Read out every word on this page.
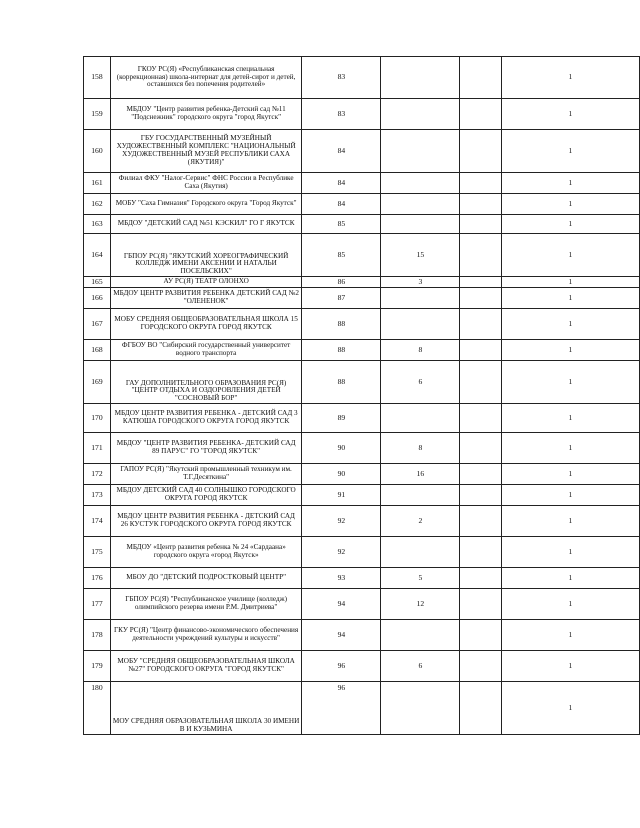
158	ГКОУ РС(Я) «Республиканская специальная (коррекционная) школа-интернат для детей-сирот и детей, оставшихся без попечения родителей»	83			1
159	МБДОУ "Центр развития ребенка-Детский сад №11 "Подснежник" городского округа "город Якутск"	83			1
160	ГБУ ГОСУДАРСТВЕННЫЙ МУЗЕЙНЫЙ ХУДОЖЕСТВЕННЫЙ КОМПЛЕКС "НАЦИОНАЛЬНЫЙ ХУДОЖЕСТВЕННЫЙ МУЗЕЙ РЕСПУБЛИКИ САХА (ЯКУТИЯ)"	84			1
161	Филиал ФКУ "Налог-Сервис" ФНС России в Республике Саха (Якутия)	84			1
162	МОБУ "Саха Гимназия" Городского округа "Город Якутск"	84			1
163	МБДОУ "ДЕТСКИЙ САД №51 КЭСКИЛ" ГО Г ЯКУТСК	85			1
164	ГБПОУ РС(Я) "ЯКУТСКИЙ ХОРЕОГРАФИЧЕСКИЙ КОЛЛЕДЖ ИМЕНИ АКСЕНИИ И НАТАЛЬИ ПОСЕЛЬСКИХ"	85	15		1
165	АУ РС(Я) ТЕАТР ОЛОНХО	86	3		1
166	МБДОУ ЦЕНТР РАЗВИТИЯ РЕБЕНКА ДЕТСКИЙ САД №2 "ОЛЕНЕНОК"	87			1
167	МОБУ СРЕДНЯЯ ОБЩЕОБРАЗОВАТЕЛЬНАЯ ШКОЛА 15 ГОРОДСКОГО ОКРУГА ГОРОД ЯКУТСК	88			1
168	ФГБОУ ВО "Сибирский государственный университет водного транспорта	88	8		1
169	ГАУ ДОПОЛНИТЕЛЬНОГО ОБРАЗОВАНИЯ РС(Я) "ЦЕНТР ОТДЫХА И ОЗДОРОВЛЕНИЯ ДЕТЕЙ "СОСНОВЫЙ БОР"	88	6		1
170	МБДОУ ЦЕНТР РАЗВИТИЯ РЕБЕНКА - ДЕТСКИЙ САД 3 КАТЮША ГОРОДСКОГО ОКРУГА ГОРОД ЯКУТСК	89			1
171	МБДОУ "ЦЕНТР РАЗВИТИЯ РЕБЕНКА- ДЕТСКИЙ САД 89 ПАРУС" ГО "ГОРОД ЯКУТСК"	90	8		1
172	ГАПОУ РС(Я) "Якутский промышленный техникум им. Т.Г.Десяткина"	90	16		1
173	МБДОУ ДЕТСКИЙ САД 40 СОЛНЫШКО ГОРОДСКОГО ОКРУГА ГОРОД ЯКУТСК	91			1
174	МБДОУ ЦЕНТР РАЗВИТИЯ РЕБЕНКА - ДЕТСКИЙ САД 26 КУСТУК ГОРОДСКОГО ОКРУГА ГОРОД ЯКУТСК	92	2		1
175	МБДОУ «Центр развития ребенка № 24 «Сардаана» городского округа «город Якутск»	92			1
176	МБОУ ДО "ДЕТСКИЙ ПОДРОСТКОВЫЙ ЦЕНТР"	93	5		1
177	ГБПОУ РС(Я) "Республиканское училище (колледж) олимпийского резерва имени Р.М. Дмитриева"	94	12		1
178	ГКУ РС(Я) "Центр финансово-экономического обеспечения деятельности учреждений культуры и искусств"	94			1
179	МОБУ "СРЕДНЯЯ ОБЩЕОБРАЗОВАТЕЛЬНАЯ ШКОЛА №27" ГОРОДСКОГО ОКРУГА "ГОРОД ЯКУТСК"	96	6		1
180	МОУ СРЕДНЯЯ ОБРАЗОВАТЕЛЬНАЯ ШКОЛА 30 ИМЕНИ В И КУЗЬМИНА	96			1
